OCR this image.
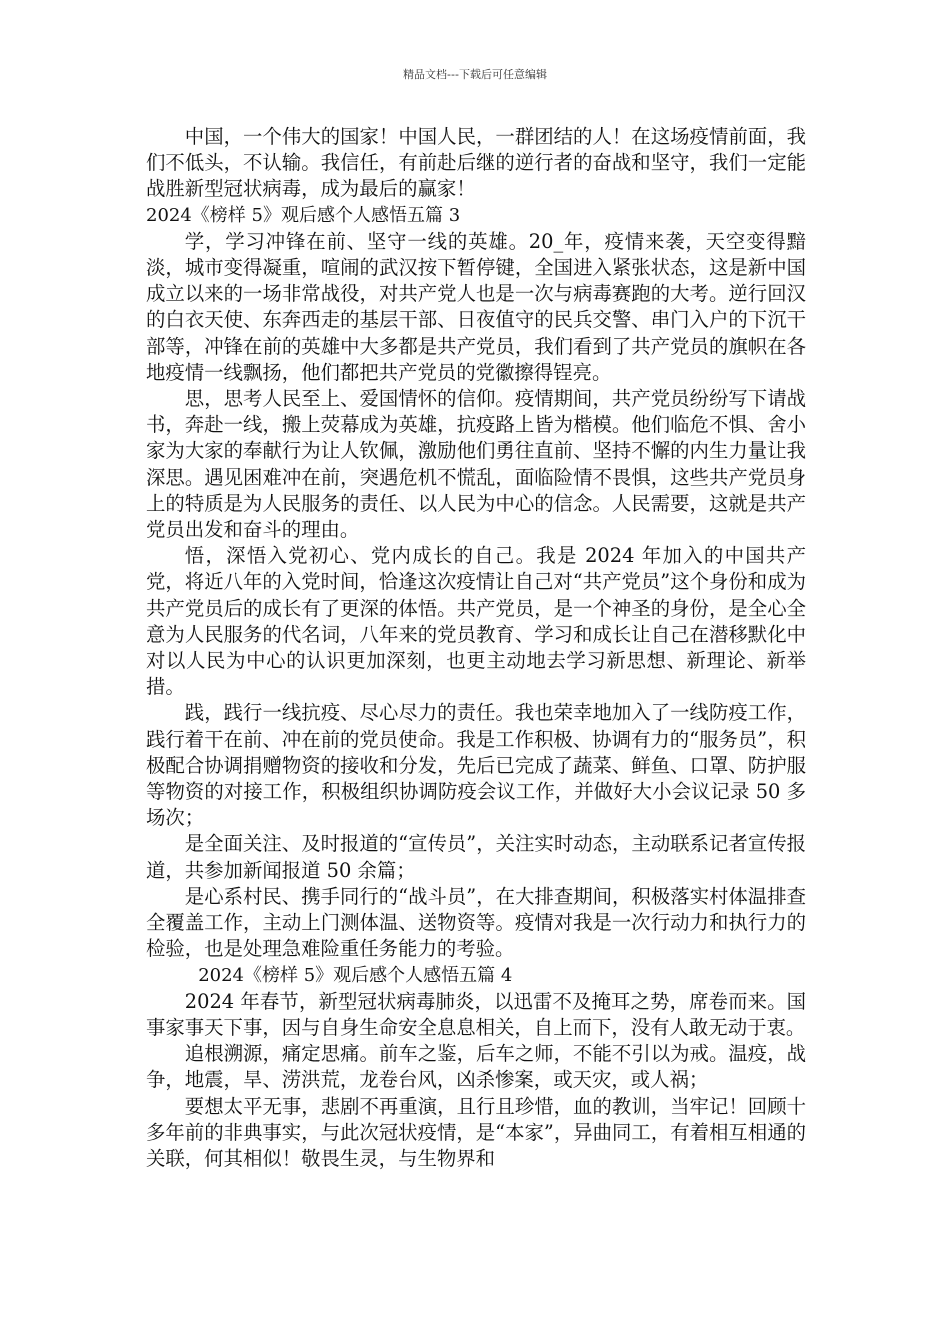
精品文档---下载后可任意编辑

中国，一个伟大的国家！中国人民，一群团结的人！在这场疫情前面，我们不低头，不认输。我信任，有前赴后继的逆行者的奋战和坚守，我们一定能战胜新型冠状病毒，成为最后的赢家！

2024《榜样 5》观后感个人感悟五篇 3

学，学习冲锋在前、坚守一线的英雄。20_年，疫情来袭，天空变得黯淡，城市变得凝重，喧闹的武汉按下暂停键，全国进入紧张状态，这是新中国成立以来的一场非常战役，对共产党人也是一次与病毒赛跑的大考。逆行回汉的白衣天使、东奔西走的基层干部、日夜值守的民兵交警、串门入户的下沉干部等，冲锋在前的英雄中大多都是共产党员，我们看到了共产党员的旗帜在各地疫情一线飘扬，他们都把共产党员的党徽擦得锃亮。

思，思考人民至上、爱国情怀的信仰。疫情期间，共产党员纷纷写下请战书，奔赴一线，搬上荧幕成为英雄，抗疫路上皆为楷模。他们临危不惧、舍小家为大家的奉献行为让人钦佩，激励他们勇往直前、坚持不懈的内生力量让我深思。遇见困难冲在前，突遇危机不慌乱，面临险情不畏惧，这些共产党员身上的特质是为人民服务的责任、以人民为中心的信念。人民需要，这就是共产党员出发和奋斗的理由。

悟，深悟入党初心、党内成长的自己。我是 2024 年加入的中国共产党，将近八年的入党时间，恰逢这次疫情让自己对“共产党员”这个身份和成为共产党员后的成长有了更深的体悟。共产党员，是一个神圣的身份，是全心全意为人民服务的代名词，八年来的党员教育、学习和成长让自己在潜移默化中对以人民为中心的认识更加深刻，也更主动地去学习新思想、新理论、新举措。

践，践行一线抗疫、尽心尽力的责任。我也荣幸地加入了一线防疫工作，践行着干在前、冲在前的党员使命。我是工作积极、协调有力的“服务员”，积极配合协调捐赠物资的接收和分发，先后已完成了蔬菜、鲜鱼、口罩、防护服等物资的对接工作，积极组织协调防疫会议工作，并做好大小会议记录 50 多场次；

是全面关注、及时报道的“宣传员”，关注实时动态，主动联系记者宣传报道，共参加新闻报道 50 余篇；

是心系村民、携手同行的“战斗员”，在大排查期间，积极落实村体温排查全覆盖工作，主动上门测体温、送物资等。疫情对我是一次行动力和执行力的检验，也是处理急难险重任务能力的考验。

2024《榜样 5》观后感个人感悟五篇 4

2024 年春节，新型冠状病毒肺炎，以迅雷不及掩耳之势，席卷而来。国事家事天下事，因与自身生命安全息息相关，自上而下，没有人敢无动于衷。

追根溯源，痛定思痛。前车之鉴，后车之师，不能不引以为戒。温疫，战争，地震，旱、涝洪荒，龙卷台风，凶杀惨案，或天灾，或人祸；

要想太平无事，悲剧不再重演，且行且珍惜，血的教训，当牢记！回顾十多年前的非典事实，与此次冠状疫情，是“本家”，异曲同工，有着相互相通的关联，何其相似！敬畏生灵，与生物界和
